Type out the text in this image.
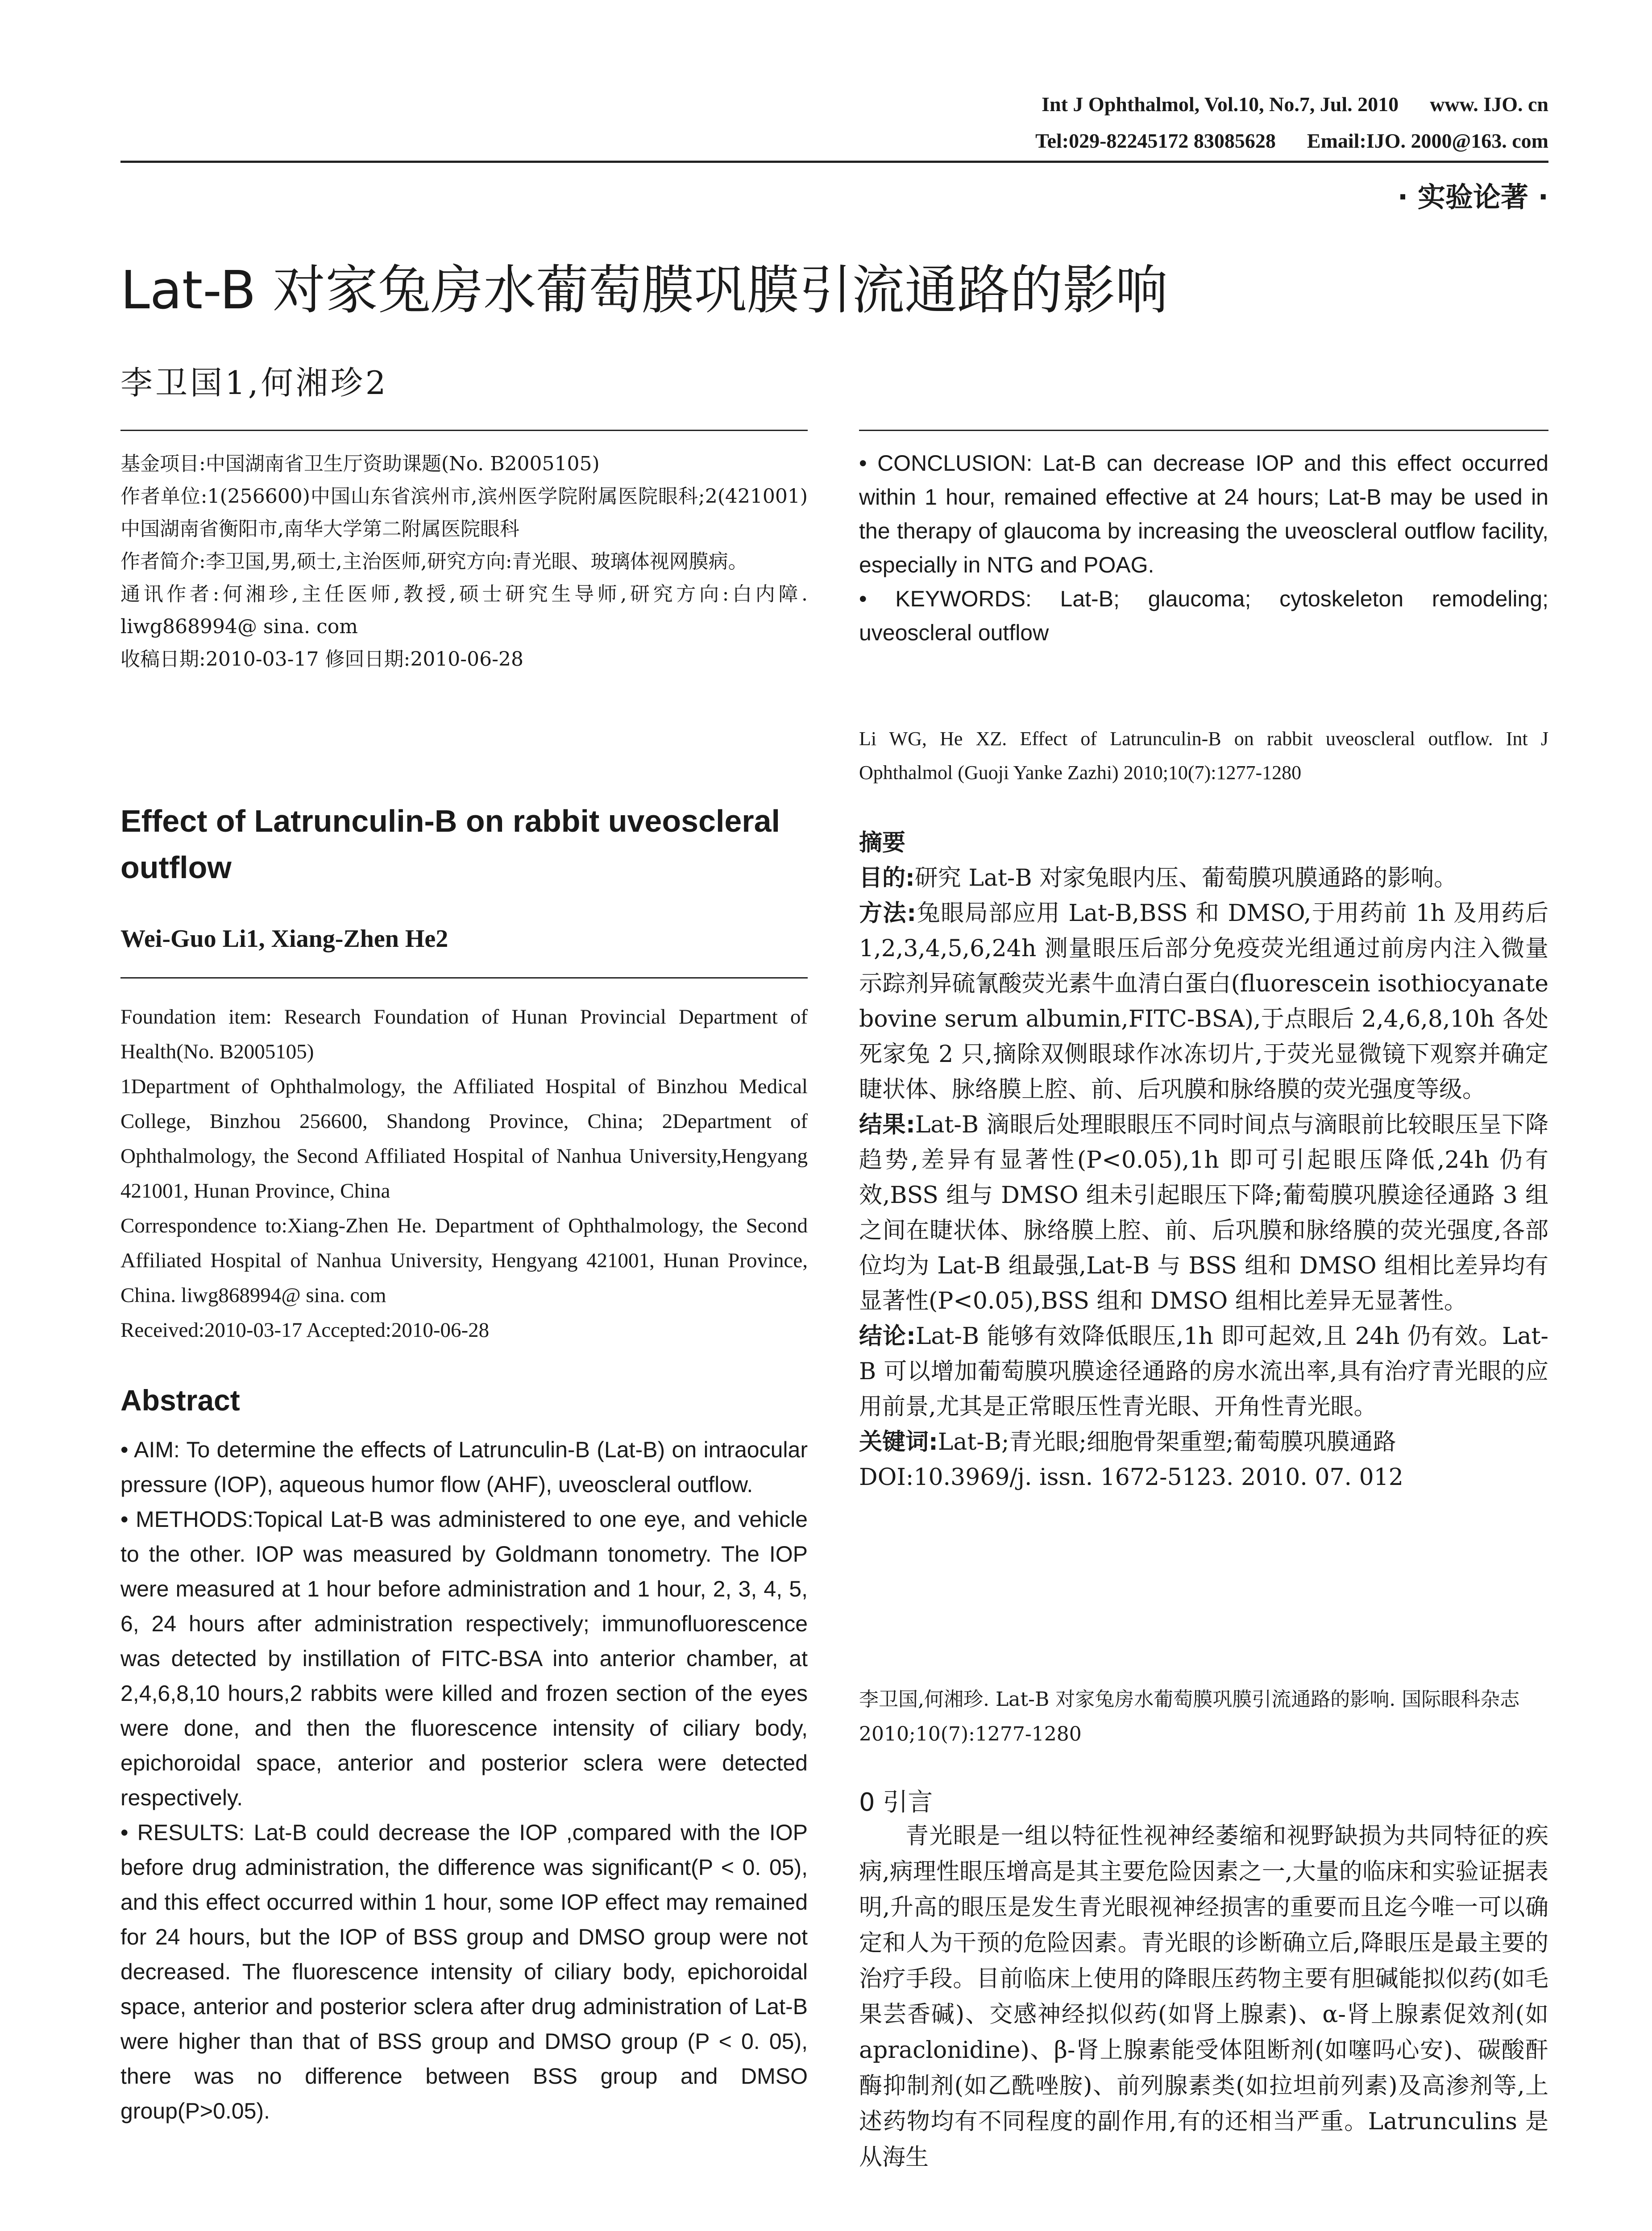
Int J Ophthalmol, Vol.10, No.7, Jul. 2010 www. IJO. cn
Tel:029-82245172 83085628 Email:IJO. 2000@163. com
· 实验论著 ·
Lat-B 对家兔房水葡萄膜巩膜引流通路的影响
李卫国1,何湘珍2

基金项目:中国湖南省卫生厅资助课题(No. B2005105)

作者单位:1(256600)中国山东省滨州市,滨州医学院附属医院眼科;2(421001)中国湖南省衡阳市,南华大学第二附属医院眼科

作者简介:李卫国,男,硕士,主治医师,研究方向:青光眼、玻璃体视网膜病。

通讯作者:何湘珍,主任医师,教授,硕士研究生导师,研究方向:白内障. liwg868994@ sina. com

收稿日期:2010-03-17 修回日期:2010-06-28

Effect of Latrunculin-B on rabbit uveoscleral outflow
Wei-Guo Li1, Xiang-Zhen He2

Foundation item: Research Foundation of Hunan Provincial Department of Health(No. B2005105)

1Department of Ophthalmology, the Affiliated Hospital of Binzhou Medical College, Binzhou 256600, Shandong Province, China; 2Department of Ophthalmology, the Second Affiliated Hospital of Nanhua University,Hengyang 421001, Hunan Province, China

Correspondence to:Xiang-Zhen He. Department of Ophthalmology, the Second Affiliated Hospital of Nanhua University, Hengyang 421001, Hunan Province, China. liwg868994@ sina. com

Received:2010-03-17 Accepted:2010-06-28

Abstract

• AIM: To determine the effects of Latrunculin-B (Lat-B) on intraocular pressure (IOP), aqueous humor flow (AHF), uveoscleral outflow.

• METHODS:Topical Lat-B was administered to one eye, and vehicle to the other. IOP was measured by Goldmann tonometry. The IOP were measured at 1 hour before administration and 1 hour, 2, 3, 4, 5, 6, 24 hours after administration respectively; immunofluorescence was detected by instillation of FITC-BSA into anterior chamber, at 2,4,6,8,10 hours,2 rabbits were killed and frozen section of the eyes were done, and then the fluorescence intensity of ciliary body, epichoroidal space, anterior and posterior sclera were detected respectively.

• RESULTS: Lat-B could decrease the IOP ,compared with the IOP before drug administration, the difference was significant(P < 0. 05), and this effect occurred within 1 hour, some IOP effect may remained for 24 hours, but the IOP of BSS group and DMSO group were not decreased. The fluorescence intensity of ciliary body, epichoroidal space, anterior and posterior sclera after drug administration of Lat-B were higher than that of BSS group and DMSO group (P < 0. 05), there was no difference between BSS group and DMSO group(P>0.05).

• CONCLUSION: Lat-B can decrease IOP and this effect occurred within 1 hour, remained effective at 24 hours; Lat-B may be used in the therapy of glaucoma by increasing the uveoscleral outflow facility, especially in NTG and POAG.

• KEYWORDS: Lat-B; glaucoma; cytoskeleton remodeling; uveoscleral outflow

Li WG, He XZ. Effect of Latrunculin-B on rabbit uveoscleral outflow. Int J Ophthalmol (Guoji Yanke Zazhi) 2010;10(7):1277-1280

摘要

目的:研究 Lat-B 对家兔眼内压、葡萄膜巩膜通路的影响。

方法:兔眼局部应用 Lat-B,BSS 和 DMSO,于用药前 1h 及用药后 1,2,3,4,5,6,24h 测量眼压后部分免疫荧光组通过前房内注入微量示踪剂异硫氰酸荧光素牛血清白蛋白(fluorescein isothiocyanate bovine serum albumin,FITC-BSA),于点眼后 2,4,6,8,10h 各处死家兔 2 只,摘除双侧眼球作冰冻切片,于荧光显微镜下观察并确定睫状体、脉络膜上腔、前、后巩膜和脉络膜的荧光强度等级。

结果:Lat-B 滴眼后处理眼眼压不同时间点与滴眼前比较眼压呈下降趋势,差异有显著性(P<0.05),1h 即可引起眼压降低,24h 仍有效,BSS 组与 DMSO 组未引起眼压下降;葡萄膜巩膜途径通路 3 组之间在睫状体、脉络膜上腔、前、后巩膜和脉络膜的荧光强度,各部位均为 Lat-B 组最强,Lat-B 与 BSS 组和 DMSO 组相比差异均有显著性(P<0.05),BSS 组和 DMSO 组相比差异无显著性。

结论:Lat-B 能够有效降低眼压,1h 即可起效,且 24h 仍有效。Lat-B 可以增加葡萄膜巩膜途径通路的房水流出率,具有治疗青光眼的应用前景,尤其是正常眼压性青光眼、开角性青光眼。

关键词:Lat-B;青光眼;细胞骨架重塑;葡萄膜巩膜通路

DOI:10.3969/j. issn. 1672-5123. 2010. 07. 012

李卫国,何湘珍. Lat-B 对家兔房水葡萄膜巩膜引流通路的影响. 国际眼科杂志 2010;10(7):1277-1280

0 引言

青光眼是一组以特征性视神经萎缩和视野缺损为共同特征的疾病,病理性眼压增高是其主要危险因素之一,大量的临床和实验证据表明,升高的眼压是发生青光眼视神经损害的重要而且迄今唯一可以确定和人为干预的危险因素。青光眼的诊断确立后,降眼压是最主要的治疗手段。目前临床上使用的降眼压药物主要有胆碱能拟似药(如毛果芸香碱)、交感神经拟似药(如肾上腺素)、α-肾上腺素促效剂(如 apraclonidine)、β-肾上腺素能受体阻断剂(如噻吗心安)、碳酸酐酶抑制剂(如乙酰唑胺)、前列腺素类(如拉坦前列素)及高渗剂等,上述药物均有不同程度的副作用,有的还相当严重。Latrunculins 是从海生
